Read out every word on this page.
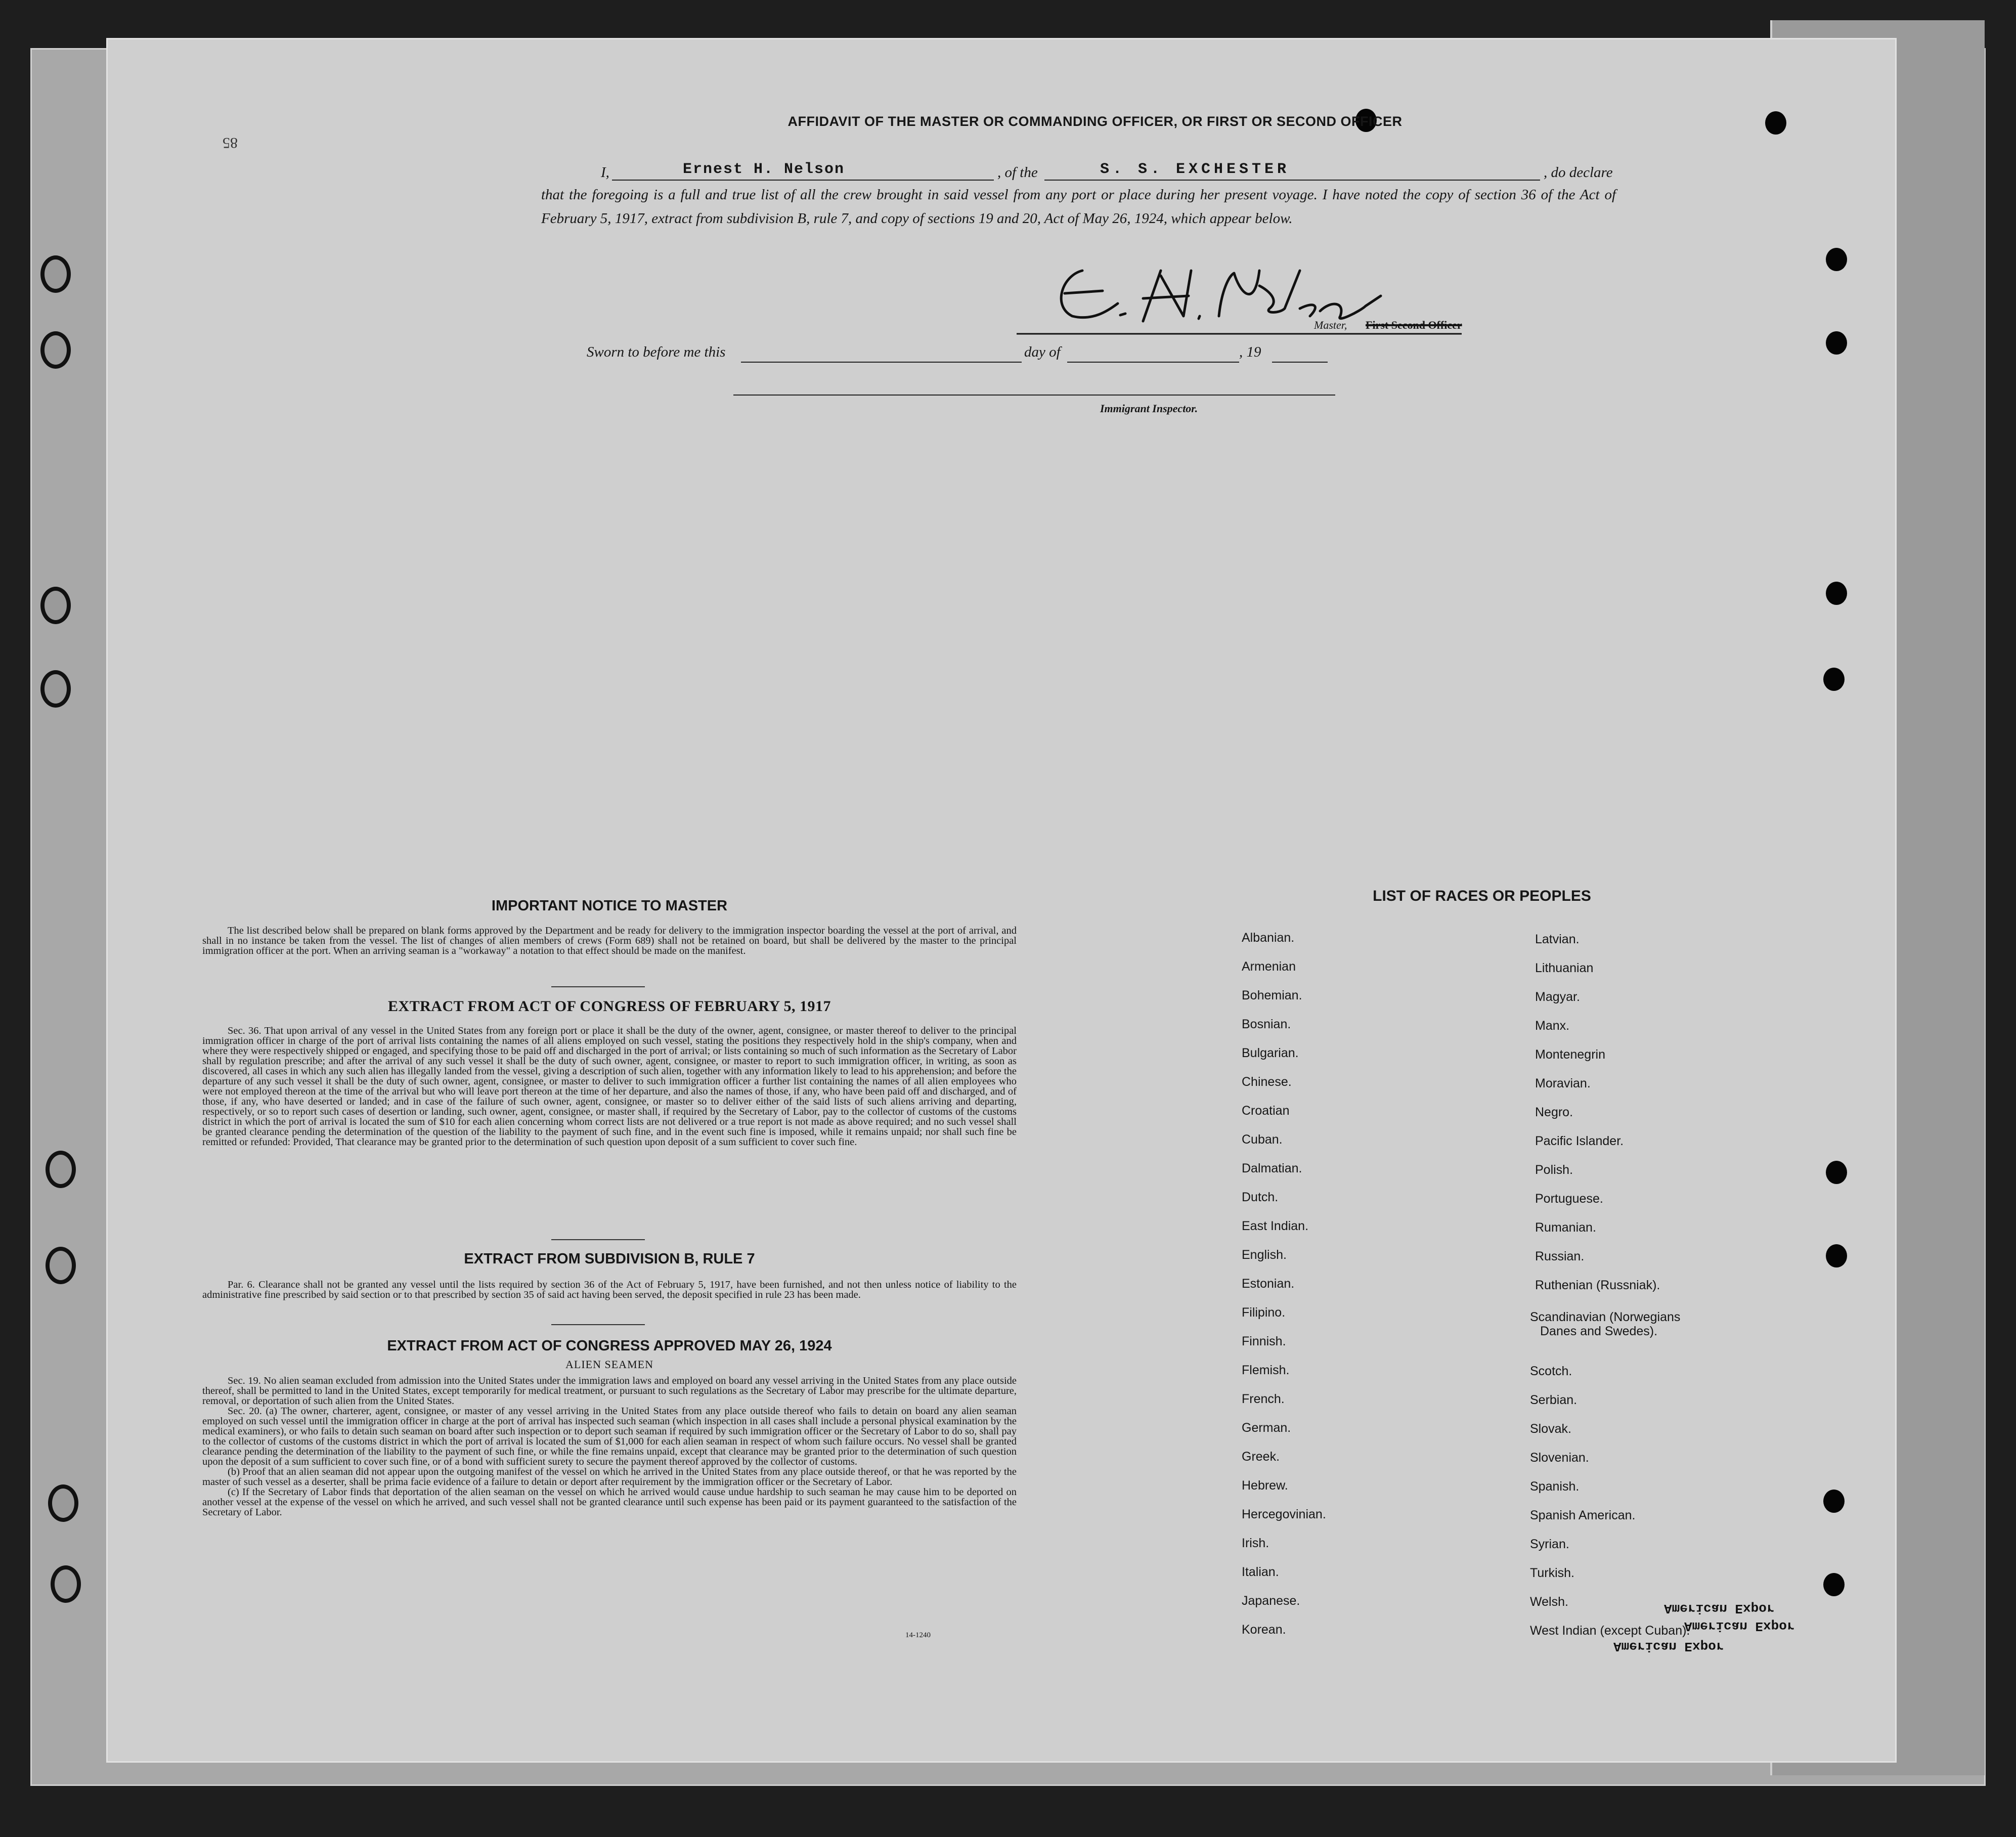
85
AFFIDAVIT OF THE MASTER OR COMMANDING OFFICER, OR FIRST OR SECOND OFFICER
I,	Ernest H. Nelson	, of the	S. S. EXCHESTER	, do declare
that the foregoing is a full and true list of all the crew brought in said vessel from any port or place during her present voyage. I have noted the copy of section 36 of the Act of February 5, 1917, extract from subdivision B, rule 7, and copy of sections 19 and 20, Act of May 26, 1924, which appear below.
Master, First Second Officer
Sworn to before me this	day of	, 19
Immigrant Inspector.
IMPORTANT NOTICE TO MASTER

The list described below shall be prepared on blank forms approved by the Department and be ready for delivery to the immigration inspector boarding the vessel at the port of arrival, and shall in no instance be taken from the vessel. The list of changes of alien members of crews (Form 689) shall not be retained on board, but shall be delivered by the master to the principal immigration officer at the port. When an arriving seaman is a "workaway" a notation to that effect should be made on the manifest.

EXTRACT FROM ACT OF CONGRESS OF FEBRUARY 5, 1917

Sec. 36. That upon arrival of any vessel in the United States from any foreign port or place it shall be the duty of the owner, agent, consignee, or master thereof to deliver to the principal immigration officer in charge of the port of arrival lists containing the names of all aliens employed on such vessel, stating the positions they respectively hold in the ship's company, when and where they were respectively shipped or engaged, and specifying those to be paid off and discharged in the port of arrival; or lists containing so much of such information as the Secretary of Labor shall by regulation prescribe; and after the arrival of any such vessel it shall be the duty of such owner, agent, consignee, or master to report to such immigration officer, in writing, as soon as discovered, all cases in which any such alien has illegally landed from the vessel, giving a description of such alien, together with any information likely to lead to his apprehension; and before the departure of any such vessel it shall be the duty of such owner, agent, consignee, or master to deliver to such immigration officer a further list containing the names of all alien employees who were not employed thereon at the time of the arrival but who will leave port thereon at the time of her departure, and also the names of those, if any, who have been paid off and discharged, and of those, if any, who have deserted or landed; and in case of the failure of such owner, agent, consignee, or master so to deliver either of the said lists of such aliens arriving and departing, respectively, or so to report such cases of desertion or landing, such owner, agent, consignee, or master shall, if required by the Secretary of Labor, pay to the collector of customs of the customs district in which the port of arrival is located the sum of $10 for each alien concerning whom correct lists are not delivered or a true report is not made as above required; and no such vessel shall be granted clearance pending the determination of the question of the liability to the payment of such fine, and in the event such fine is imposed, while it remains unpaid; nor shall such fine be remitted or refunded: Provided, That clearance may be granted prior to the determination of such question upon deposit of a sum sufficient to cover such fine.

EXTRACT FROM SUBDIVISION B, RULE 7

Par. 6. Clearance shall not be granted any vessel until the lists required by section 36 of the Act of February 5, 1917, have been furnished, and not then unless notice of liability to the administrative fine prescribed by said section or to that prescribed by section 35 of said act having been served, the deposit specified in rule 23 has been made.

EXTRACT FROM ACT OF CONGRESS APPROVED MAY 26, 1924
ALIEN SEAMEN

Sec. 19. No alien seaman excluded from admission into the United States under the immigration laws and employed on board any vessel arriving in the United States from any place outside thereof, shall be permitted to land in the United States, except temporarily for medical treatment, or pursuant to such regulations as the Secretary of Labor may prescribe for the ultimate departure, removal, or deportation of such alien from the United States.

Sec. 20. (a) The owner, charterer, agent, consignee, or master of any vessel arriving in the United States from any place outside thereof who fails to detain on board any alien seaman employed on such vessel until the immigration officer in charge at the port of arrival has inspected such seaman (which inspection in all cases shall include a personal physical examination by the medical examiners), or who fails to detain such seaman on board after such inspection or to deport such seaman if required by such immigration officer or the Secretary of Labor to do so, shall pay to the collector of customs of the customs district in which the port of arrival is located the sum of $1,000 for each alien seaman in respect of whom such failure occurs. No vessel shall be granted clearance pending the determination of the liability to the payment of such fine, or while the fine remains unpaid, except that clearance may be granted prior to the determination of such question upon the deposit of a sum sufficient to cover such fine, or of a bond with sufficient surety to secure the payment thereof approved by the collector of customs.

(b) Proof that an alien seaman did not appear upon the outgoing manifest of the vessel on which he arrived in the United States from any place outside thereof, or that he was reported by the master of such vessel as a deserter, shall be prima facie evidence of a failure to detain or deport after requirement by the immigration officer or the Secretary of Labor.

(c) If the Secretary of Labor finds that deportation of the alien seaman on the vessel on which he arrived would cause undue hardship to such seaman he may cause him to be deported on another vessel at the expense of the vessel on which he arrived, and such vessel shall not be granted clearance until such expense has been paid or its payment guaranteed to the satisfaction of the Secretary of Labor.

14-1240
LIST OF RACES OR PEOPLES
Albanian.
Armenian
Bohemian.
Bosnian.
Bulgarian.
Chinese.
Croatian
Cuban.
Dalmatian.
Dutch.
East Indian.
English.
Estonian.
Filipino.
Finnish.
Flemish.
French.
German.
Greek.
Hebrew.
Hercegovinian.
Irish.
Italian.
Japanese.
Korean.
Latvian.
Lithuanian
Magyar.
Manx.
Montenegrin
Moravian.
Negro.
Pacific Islander.
Polish.
Portuguese.
Rumanian.
Russian.
Ruthenian (Russniak).
Scandinavian (Norwegians
Danes and Swedes).
Scotch.
Serbian.
Slovak.
Slovenian.
Spanish.
Spanish American.
Syrian.
Turkish.
Welsh.
West Indian (except Cuban).
American Expor
American Expor
American Expor
